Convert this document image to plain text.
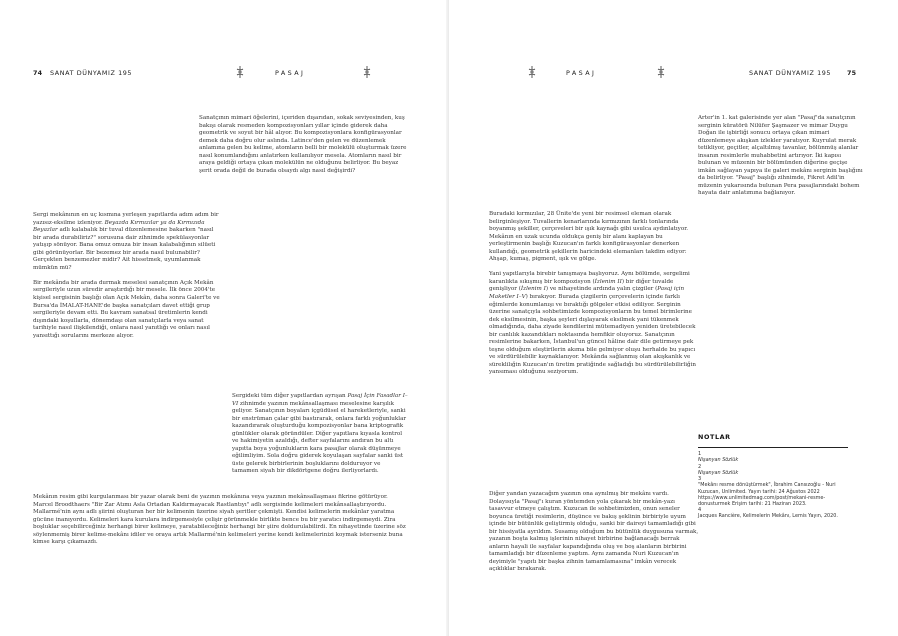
74 SANAT DÜNYAMIZ 195	PASAJ

Sanatçının mimari öğelerini, içeriden dışarıdan, sokak seviyesinden, kuş bakışı olarak resmeden kompozisyonları yıllar içinde giderek daha geometrik ve soyut bir hâl alıyor. Bu kompozisyonlara konfigürasyonlar demek daha doğru olur aslında. Latince'den gelen ve düzenlemek anlamına gelen bu kelime, atomların belli bir molekülü oluşturmak üzere nasıl konumlandığını anlatırken kullanılıyor mesela. Atomların nasıl bir araya geldiği ortaya çıkan molekülün ne olduğunu belirliyor. Bu beyaz şerit orada değil de burada olsaydı algı nasıl değişirdi?

Sergi mekânının en uç kısmına yerleşen yapıtlarda adım adım bir yazısız-eksilme izleniyor. Beyazda Kırmızılar ya da Kırmızıda Beyazlar adlı kalabalık bir tuval düzenlemesine bakarken "nasıl bir arada durabiliriz?" sorusuna dair zihnimde spekülasyonlar yatışıp sönüyor. Bana omuz omuza bir insan kalabalığının silüeti gibi görünüyorlar. Bir bezemez bir arada nasıl bulunabilir? Gerçekten benzemezler midir? Ait hissetmek, uyumlanmak mümkün mü?

Bir mekânda bir arada durmak meselesi sanatçının Açık Mekân sergileriyle uzun süredir araştırdığı bir mesele. İlk önce 2004'te kişisel sergisinin başlığı olan Açık Mekân, daha sonra Galeri'te ve Bursa'da İMALAT-HANE'de başka sanatçıları davet ettiği grup sergileriyle devam etti. Bu kavram sanatsal üretimlerin kendi dışındaki koşullarla, dönemdaşı olan sanatçılarla veya sanat tarihiyle nasıl ilişkilendiği, onlara nasıl yanıtlığı ve onları nasıl yansıttığı sorularını merkeze alıyor.

Sergideki tüm diğer yapıtlardan ayrışan Pasaj İçin Fasadlar I–VI zihnimde yazının mekânsallaşması meselesine karşılık geliyor. Sanatçının boyaları içgüdüsel el hareketleriyle, sanki bir enstrüman çalar gibi bastırarak, onlara farklı yoğunluklar kazandırarak oluşturduğu kompozisyonlar bana kriptografik günlükler olarak göründüler. Diğer yapıtlara kıyasla kontrol ve hakimiyetin azaldığı, defter sayfalarını andıran bu altı yapıtta boya yoğunlukların kara pasajlar olarak düşünmeye eğilimliyim. Sola doğru giderek koyulaşan sayfalar sanki üst üste gelerek birbirlerinin boşluklarını dolduruyor ve tamamen siyah bir dikdörtgene doğru ilerliyorlardı.

Mekânın resim gibi kurgulanması bir yazar olarak beni de yazının mekânına veya yazının mekânsallaşması fikrine götürüyor. Marcel Broodthaers "Bir Zar Atımı Asla Ortadan Kaldırmayacak Rastlantıyı" adlı sergisinde kelimeleri mekânsallaştırıyordu. Mallarmé'nin aynı adlı şiirini oluşturan her bir kelimenin üzerine siyah şeritler çekmişti. Kendisi kelimelerin mekânlar yaratma gücüne inanıyordu. Kelimeleri kara kurulara indirgemesiyle çelişir görünmekle birlikte bence bu bir yaratıcı indirgemeydi. Zira boşluklar seçebilirceğiniz herhangi birer kelimeye, yaratabileceğiniz herhangi bir şiire doldurulabilirdi. En nihayetinde üzerine söz söylenmemiş birer kelime-mekânı idiler ve oraya artık Mallarmé'nin kelimeleri yerine kendi kelimelerinizi koymak isterseniz buna kimse karşı çıkamazdı.

PASAJ	SANAT DÜNYAMIZ 195 75

Arter'in 1. kat galerisinde yer alan "Pasaj"da sanatçının serginin küratörü Nilüfer Şaşmazer ve mimar Duygu Doğan ile işbirliği sonucu ortaya çıkan mimari düzenlemeye akışkan izlekler yaratıyor. Kuyrulat merak tetikliyor, geçitler, alçaltılmış tavanlar, bölünmüş alanlar insanın resimlerle muhabbetini artırıyor. İki kapısı bulunan ve müzenin bir bölümünden diğerine geçişe imkân sağlayan yapıya ile galeri mekânı serginin başlığını da belirliyor. "Pasaj" başlığı zihnimde, Fikret Adil'in müzenin yukarısında bulunan Pera pasajlarındaki bohem hayata dair anlatımına bağlanıyor.

Buradaki kırmızılar, 28 Ünite'de yeni bir resimsel eleman olarak belirginleşiyor. Tuvallerin kenarlarında kırmızının farklı tonlarında boyanmış şekiller, çerçeveleri bir ışık kaynağı gibi usulca aydınlatıyor. Mekânın en uzak ucunda oldukça geniş bir alanı kaplayan bu yerleştirmenin başlığı Kuzucan'ın farklı konfigürasyonlar denerken kullandığı, geometrik şekillerin haricindeki elemanları takdim ediyor: Ahşap, kumaş, pigment, ışık ve gölge.

Yani yapıtlarıyla birebir tanışmaya başlıyoruz. Aynı bölümde, sergelimi karanlıkta sıkışmış bir kompozisyon (İzlenim II) bir diğer tuvalde genişliyor (İzlenim I) ve nihayetinde ardında yalın çizgiler (Pasaj için Maketler I–V) bırakıyor. Burada çizgilerin çerçevelerin içinde farklı eğimlerde konumlanışı ve bıraktığı gölgeler etkisi ediliyor. Serginin üzerine sanatçıyla sohbetimizde kompozisyonların bu temel birimlerine dek eksilmesinin, başka şeyleri dışlayarak eksilmek yani tükenmek olmadığında, daha ziyade kendilerini mütemadiyen yeniden üretebilecek bir canlılık kazandıkları noktasında hemfikir oluyoruz. Sanatçının resimlerine bakarken, İstanbul'un güncel hâline dair dile getirmeye pek teşne olduğum eleştirilerin akıma bile gelmiyor oluşu herhalde bu yapıcı ve sürdürülebilir kaynaklanıyor. Mekânda sağlanmış olan akışkanlık ve süreklilığin Kuzucan'ın üretim pratiğinde sağladığı bu sürdürülebilirliğin yansıması olduğunu seziyorum.

Diğer yandan yazacağım yazının ona aynılmış bir mekânı vardı. Dolayısıyla "Pasaj"ı kuran yöntemden yola çıkarak bir mekân-yazı tasavvur etmeye çalıştım. Kuzucan ile sohbetimizden, onun seneler boyunca üretiği resimlerin, düşünce ve bakış şeklinin birbiriyle uyum içinde bir bütünlük geliştirmiş olduğu, sanki bir daireyi tamamladığı gibi bir hissiyatla ayrıldım. Susamış olduğum bu bütünlük duygusuna varmak, yazanın boşta kalmış işlerinin nihayet birbirine bağlanacağı berrak anların hayali ile sayfalar kapandığında oluş ve boş alanların birbirini tamamladığı bir düzenleme yaptım. Aynı zamanda Nuri Kuzucan'ın deyimiyle "yapıtı bir başka zihnin tamamlamasına" imkân verecek açıklıklar bırakarak.

NOTLAR
1
Nişanyan Sözlük
2
Nişanyan Sözlük
3
"Mekânı resme dönüştürmek", İbrahim Cansızoğlu - Nuri Kuzucan, Unlimited. Yayın tarihi: 24 Ağustos 2022 https://www.unlimitedmag.com/post/mekani-resme-donusturmek Erişim tarihi: 21 Haziran 2023.
4
Jacques Rancière, Kelimelerin Mekânı, Lemis Yayın, 2020.
